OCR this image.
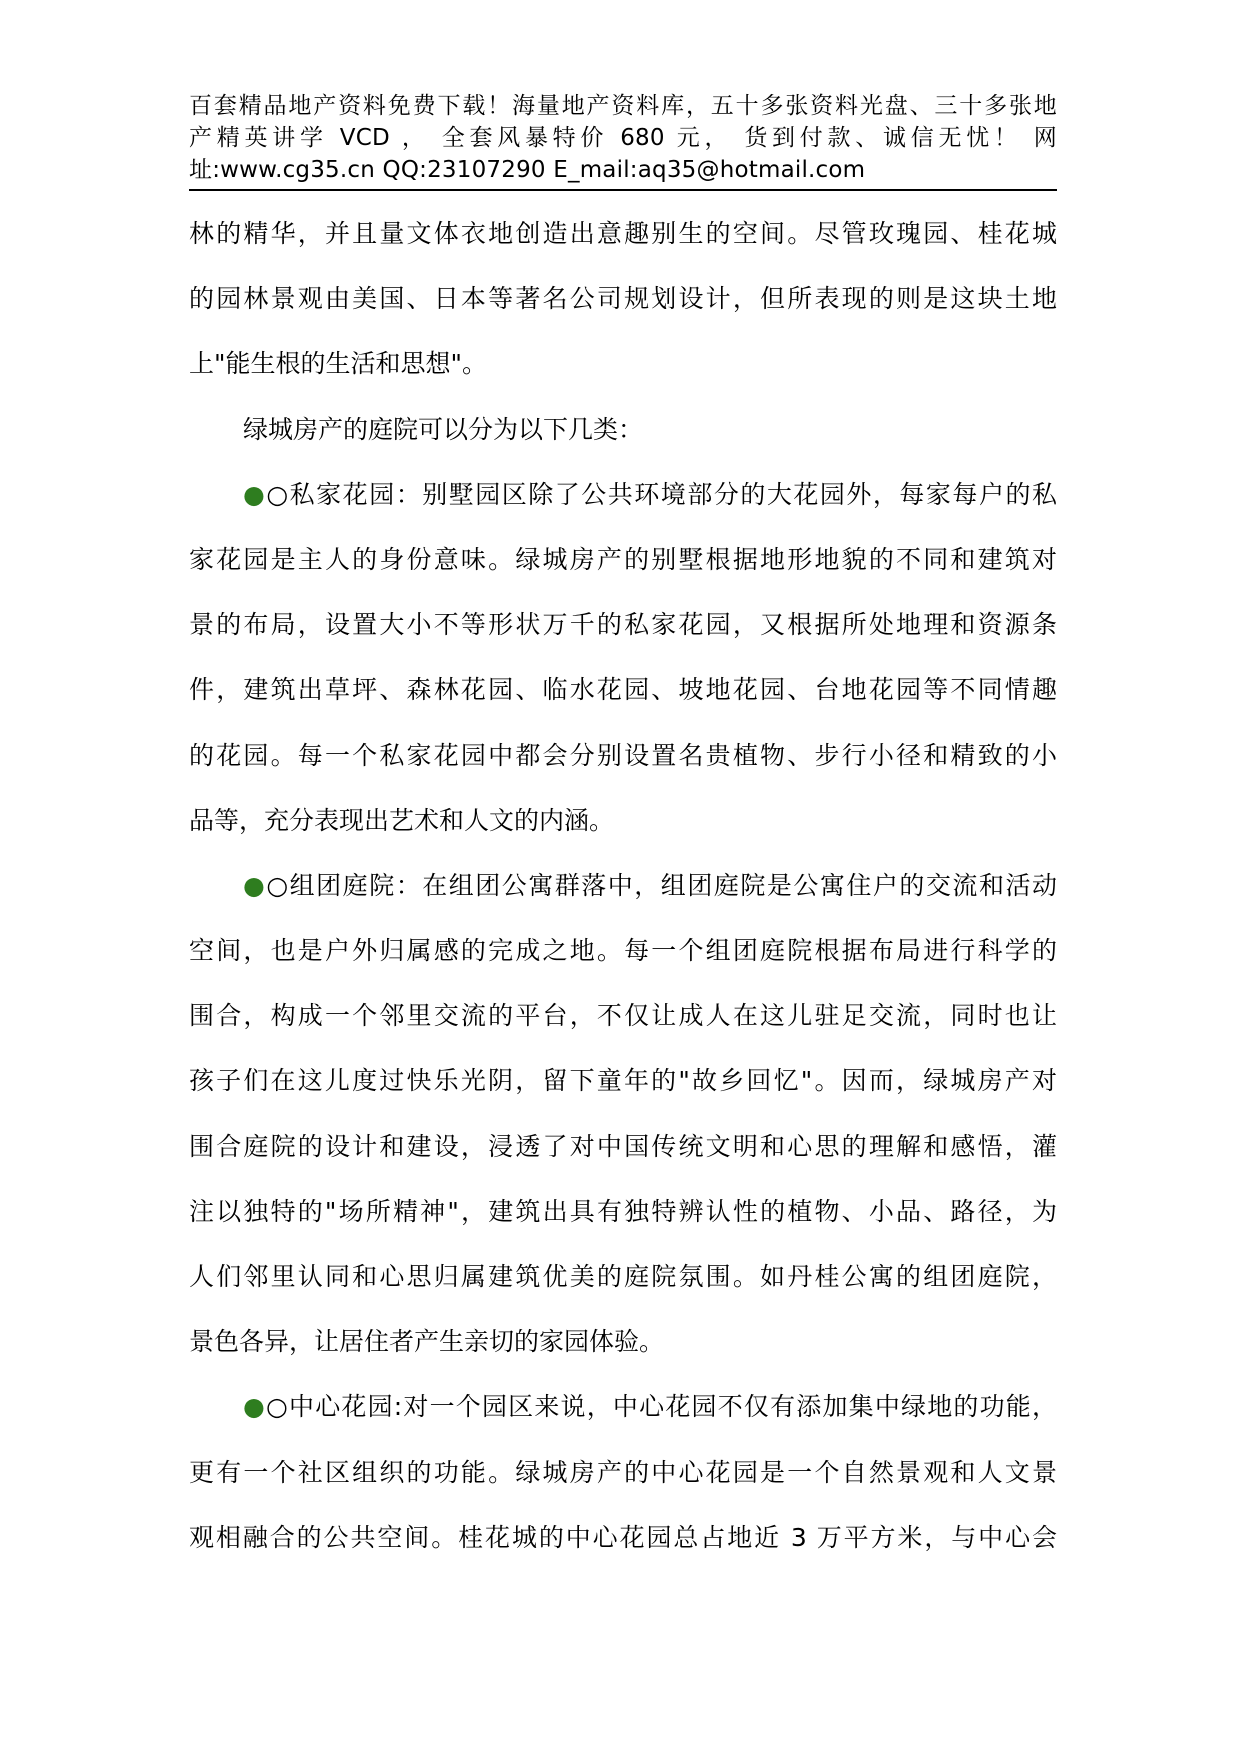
百套精品地产资料免费下载！海量地产资料库，五十多张资料光盘、三十多张地
产精英讲学 VCD ， 全套风暴特价 680 元， 货到付款、诚信无忧！ 网
址:www.cg35.cn QQ:23107290 E_mail:aq35@hotmail.com
林的精华，并且量文体衣地创造出意趣别生的空间。尽管玫瑰园、桂花城
的园林景观由美国、日本等著名公司规划设计，但所表现的则是这块土地
上"能生根的生活和思想"。
绿城房产的庭院可以分为以下几类：
●○私家花园：别墅园区除了公共环境部分的大花园外，每家每户的私
家花园是主人的身份意味。绿城房产的别墅根据地形地貌的不同和建筑对
景的布局，设置大小不等形状万千的私家花园，又根据所处地理和资源条
件，建筑出草坪、森林花园、临水花园、坡地花园、台地花园等不同情趣
的花园。每一个私家花园中都会分别设置名贵植物、步行小径和精致的小
品等，充分表现出艺术和人文的内涵。
●○组团庭院：在组团公寓群落中，组团庭院是公寓住户的交流和活动
空间，也是户外归属感的完成之地。每一个组团庭院根据布局进行科学的
围合，构成一个邻里交流的平台，不仅让成人在这儿驻足交流，同时也让
孩子们在这儿度过快乐光阴，留下童年的"故乡回忆"。因而，绿城房产对
围合庭院的设计和建设，浸透了对中国传统文明和心思的理解和感悟，灌
注以独特的"场所精神"，建筑出具有独特辨认性的植物、小品、路径，为
人们邻里认同和心思归属建筑优美的庭院氛围。如丹桂公寓的组团庭院，
景色各异，让居住者产生亲切的家园体验。
●○中心花园:对一个园区来说，中心花园不仅有添加集中绿地的功能，
更有一个社区组织的功能。绿城房产的中心花园是一个自然景观和人文景
观相融合的公共空间。桂花城的中心花园总占地近 3 万平方米，与中心会
